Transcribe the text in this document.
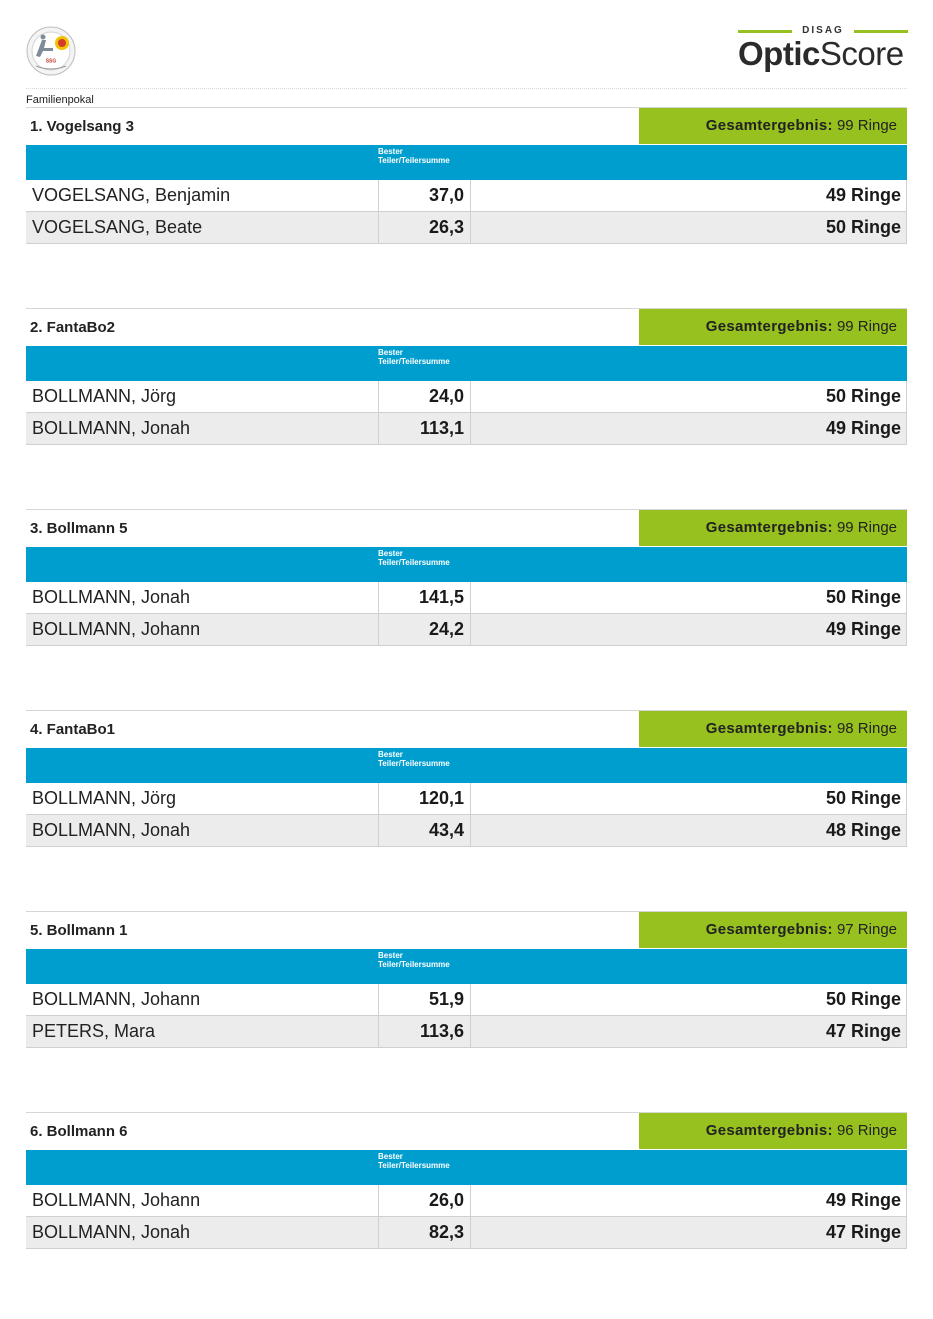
SSG
DISAG
OpticScore
Familienpokal
1. Vogelsang 3	Gesamtergebnis: 99 Ringe
Bester
Teiler/Teilersumme
VOGELSANG, Benjamin	37,0	49 Ringe
VOGELSANG, Beate	26,3	50 Ringe
2. FantaBo2	Gesamtergebnis: 99 Ringe
Bester
Teiler/Teilersumme
BOLLMANN, Jörg	24,0	50 Ringe
BOLLMANN, Jonah	113,1	49 Ringe
3. Bollmann 5	Gesamtergebnis: 99 Ringe
Bester
Teiler/Teilersumme
BOLLMANN, Jonah	141,5	50 Ringe
BOLLMANN, Johann	24,2	49 Ringe
4. FantaBo1	Gesamtergebnis: 98 Ringe
Bester
Teiler/Teilersumme
BOLLMANN, Jörg	120,1	50 Ringe
BOLLMANN, Jonah	43,4	48 Ringe
5. Bollmann 1	Gesamtergebnis: 97 Ringe
Bester
Teiler/Teilersumme
BOLLMANN, Johann	51,9	50 Ringe
PETERS, Mara	113,6	47 Ringe
6. Bollmann 6	Gesamtergebnis: 96 Ringe
Bester
Teiler/Teilersumme
BOLLMANN, Johann	26,0	49 Ringe
BOLLMANN, Jonah	82,3	47 Ringe
